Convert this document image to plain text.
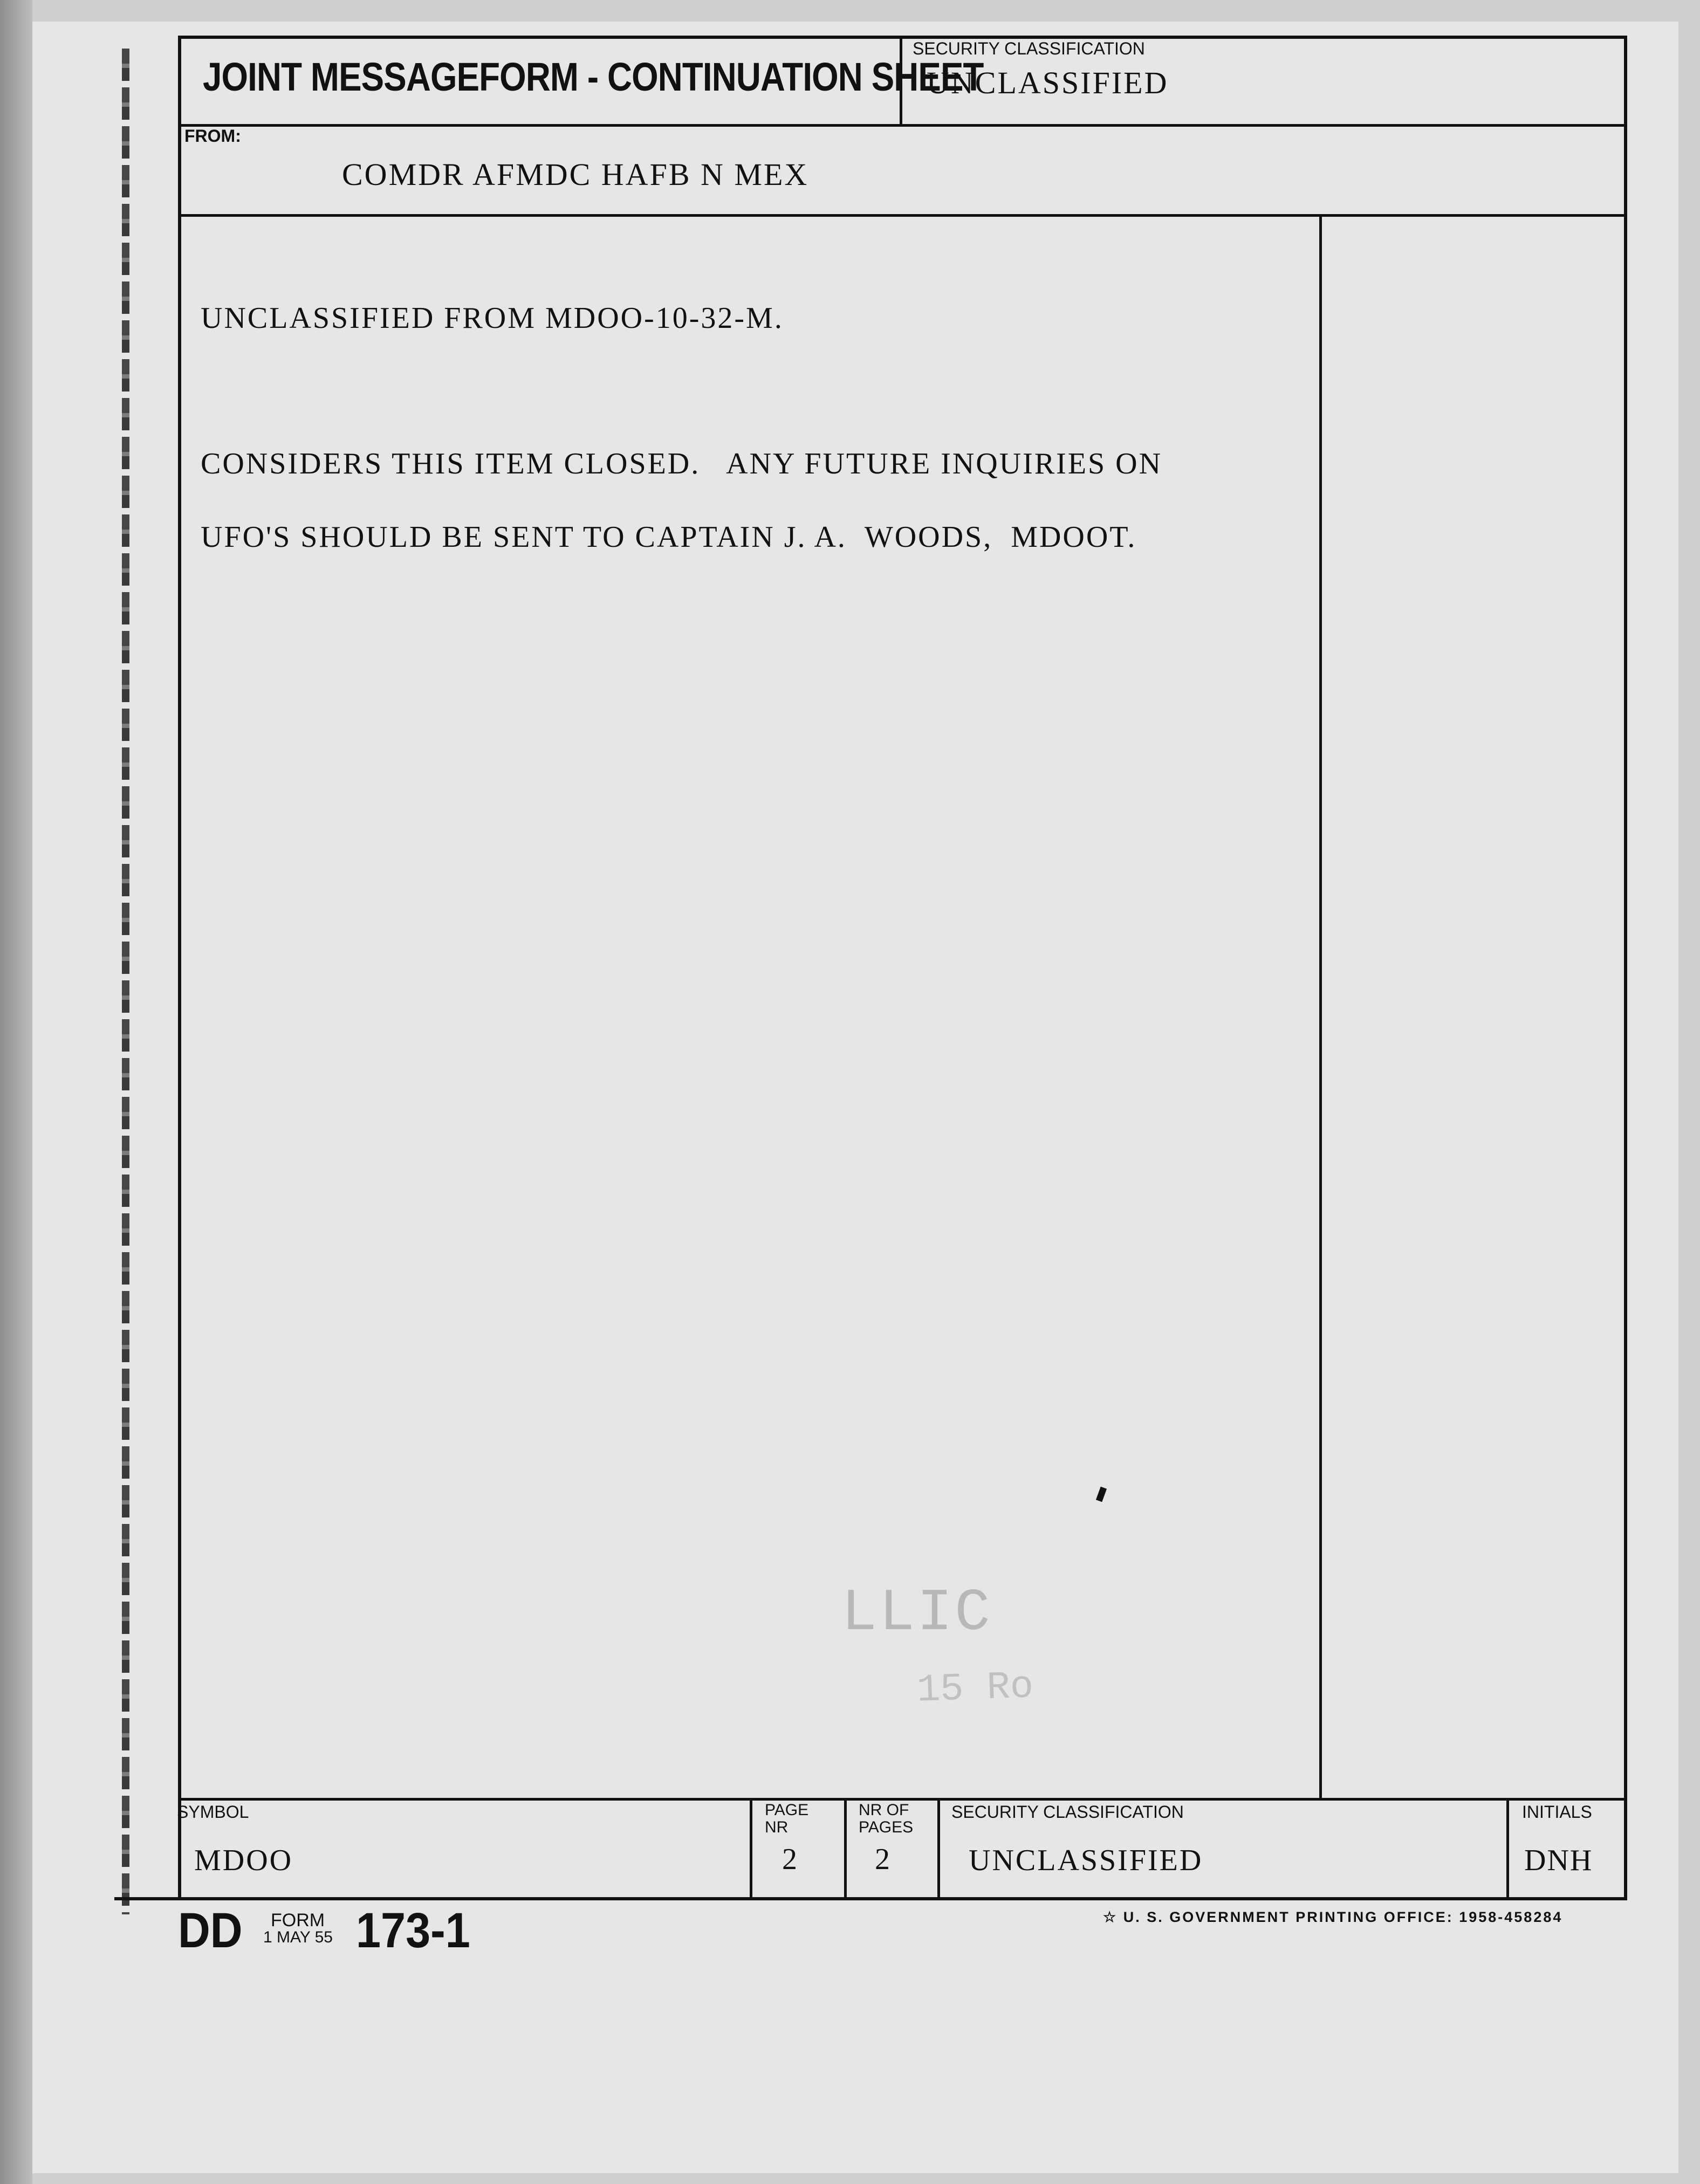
JOINT MESSAGEFORM - CONTINUATION SHEET
SECURITY CLASSIFICATION
UNCLASSIFIED
FROM:
COMDR AFMDC HAFB N MEX
UNCLASSIFIED FROM MDOO-10-32-M.
CONSIDERS THIS ITEM CLOSED.   ANY FUTURE INQUIRIES ON
UFO'S SHOULD BE SENT TO CAPTAIN J. A.  WOODS,  MDOOT.
LLIC
15 Ro
SYMBOL
MDOO
PAGE
NR
2
NR OF
PAGES
2
SECURITY CLASSIFICATION
UNCLASSIFIED
INITIALS
DNH
DD FORM
1 MAY 55 173-1	☆ U. S. GOVERNMENT PRINTING OFFICE: 1958-458284
